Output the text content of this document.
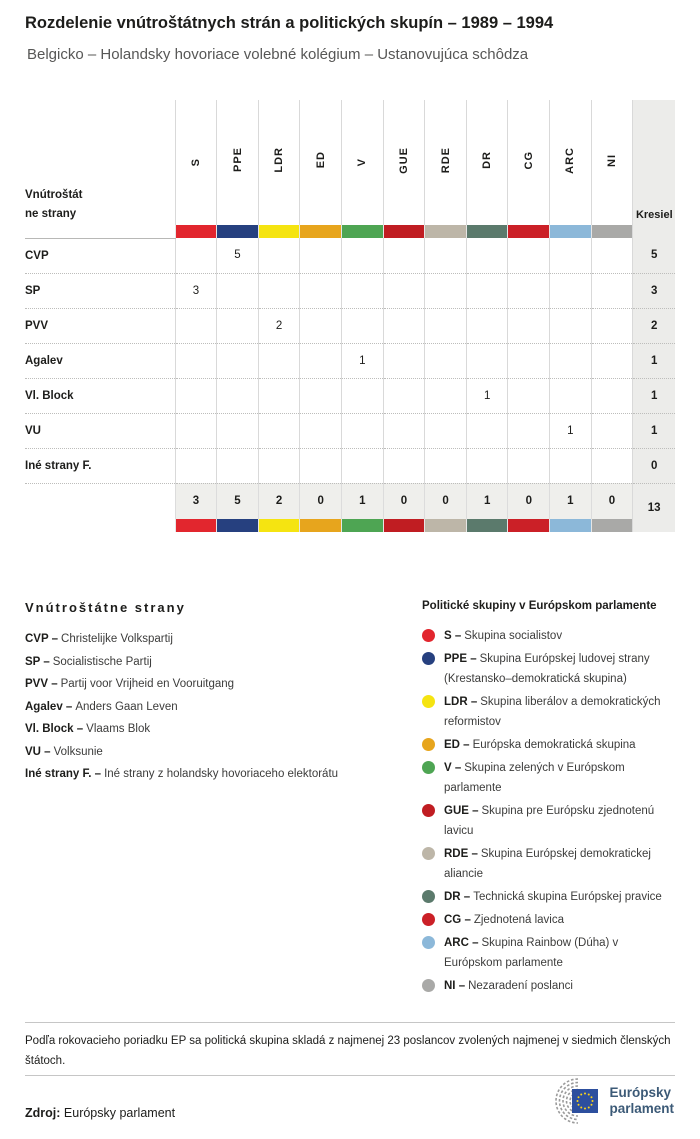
Rozdelenie vnútroštátnych strán a politických skupín – 1989 – 1994
Belgicko – Holandsky hovoriace volebné kolégium – Ustanovujúca schôdza
Vnútroštátne strany	S	PPE	LDR	ED	V	GUE	RDE	DR	CG	ARC	NI	Kresiel

CVP		5										5
SP	3											3
PVV			2									2
Agalev					1							1
Vl. Block								1				1
VU										1		1
Iné strany F.												0
	3	5	2	0	1	0	0	1	0	1	0	13

Vnútroštátne strany
CVP – Christelijke Volkspartij
SP – Socialistische Partij
PVV – Partij voor Vrijheid en Vooruitgang
Agalev – Anders Gaan Leven
Vl. Block – Vlaams Blok
VU – Volksunie
Iné strany F. – Iné strany z holandsky hovoriaceho elektorátu
Politické skupiny v Európskom parlamente
S – Skupina socialistov
PPE – Skupina Európskej ludovej strany (Krestansko–demokratická skupina)
LDR – Skupina liberálov a demokratických reformistov
ED – Európska demokratická skupina
V – Skupina zelených v Európskom parlamente
GUE – Skupina pre Európsku zjednotenú lavicu
RDE – Skupina Európskej demokratickej aliancie
DR – Technická skupina Európskej pravice
CG – Zjednotená lavica
ARC – Skupina Rainbow (Dúha) v Európskom parlamente
NI – Nezaradení poslanci

Podľa rokovacieho poriadku EP sa politická skupina skladá z najmenej 23 poslancov zvolených najmenej v siedmich členských štátoch.

Zdroj: Európsky parlament

Európsky
parlament
